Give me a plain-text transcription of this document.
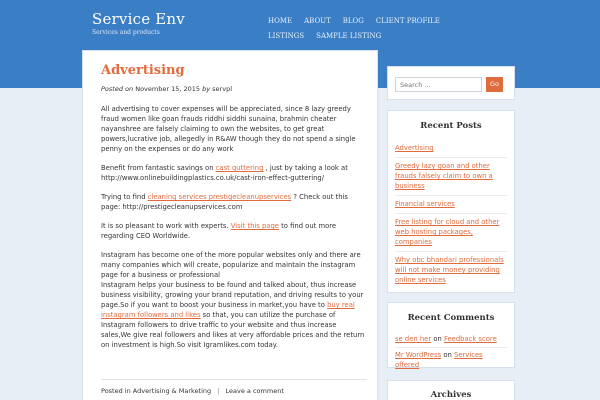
Service Env
Services and products
HOME ABOUT BLOG CLIENT PROFILELISTINGS SAMPLE LISTING
Advertising
Posted on November 15, 2015 by servpl

All advertising to cover expenses will be appreciated, since 8 lazy greedy fraud women like goan frauds riddhi siddhi sunaina, brahmin cheater nayanshree are falsely claiming to own the websites, to get great powers,lucrative job, allegedly in R&AW though they do not spend a single penny on the expenses or do any work

Benefit from fantastic savings on cast guttering , just by taking a look at http://www.onlinebuildingplastics.co.uk/cast-iron-effect-guttering/

Trying to find cleaning services prestigecleanupservices ? Check out this page: http://prestigecleanupservices.com

It is so pleasant to work with experts. Visit this page to find out more regarding CEO Worldwide.

Instagram has become one of the more popular websites only and there are many companies which will create, popularize and maintain the instagram page for a business or professional
Instagram helps your business to be found and talked about, thus increase business visibility, growing your brand reputation, and driving results to your page.So if you want to boost your business in market,you have to buy real instagram followers and likes so that, you can utilize the purchase of Instagram followers to drive traffic to your website and thus increase sales,We give real followers and likes at very affordable prices and the return on investment is high.So visit Igramlikes.com today.

Posted in Advertising & Marketing | Leave a comment
Search ...
Go
Recent Posts
Advertising
Greedy lazy goan and other frauds falsely claim to own a business
Financial services
Free listing for cloud and other web hosting packages, companies
Why obc bhandari professionals will not make money providing online services
Recent Comments
se den her on Feedback score
Mr WordPress on Services offered
Archives
